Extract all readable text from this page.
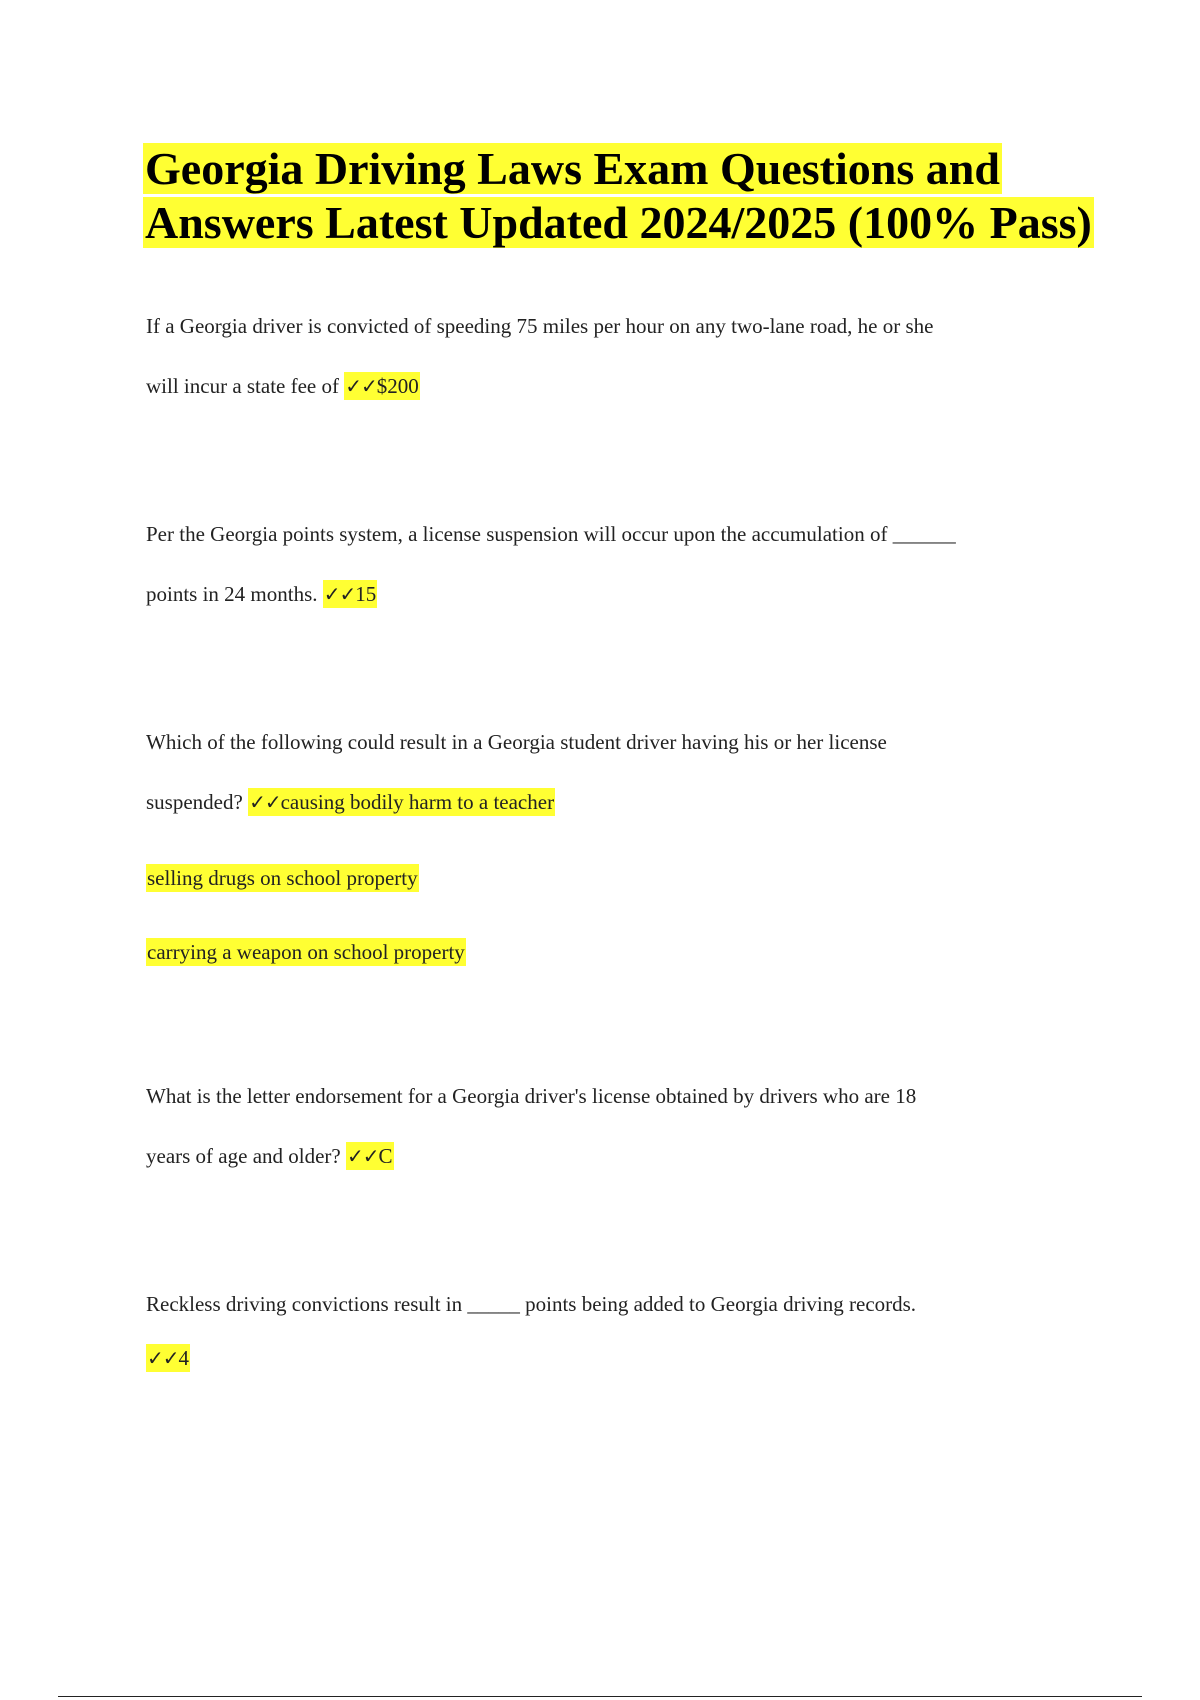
Georgia Driving Laws Exam Questions and
Answers Latest Updated 2024/2025 (100% Pass)
If a Georgia driver is convicted of speeding 75 miles per hour on any two-lane road, he or she
will incur a state fee of ✓✓$200
Per the Georgia points system, a license suspension will occur upon the accumulation of ______
points in 24 months. ✓✓15
Which of the following could result in a Georgia student driver having his or her license
suspended? ✓✓causing bodily harm to a teacher
selling drugs on school property
carrying a weapon on school property
What is the letter endorsement for a Georgia driver's license obtained by drivers who are 18
years of age and older? ✓✓C
Reckless driving convictions result in _____ points being added to Georgia driving records.
✓✓4
